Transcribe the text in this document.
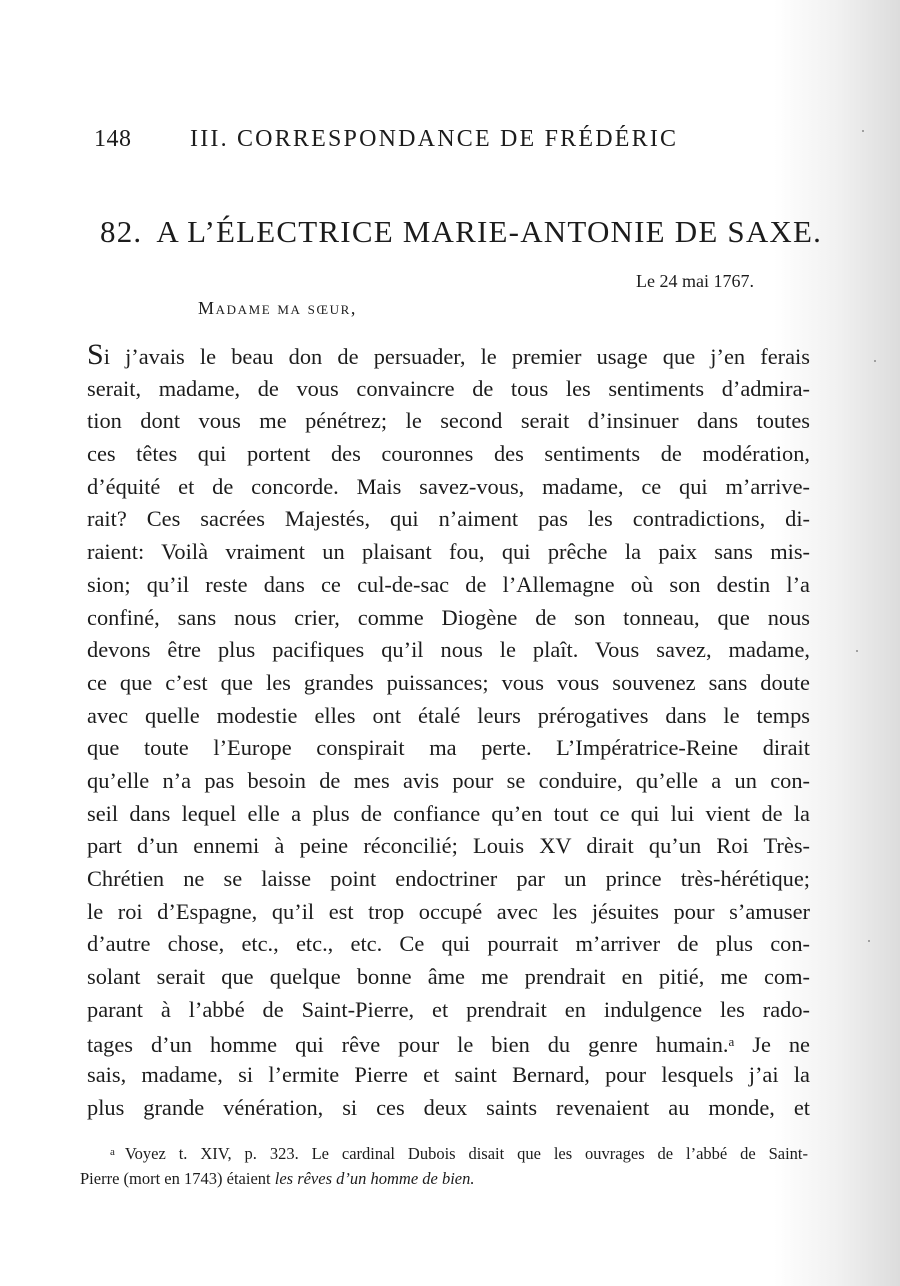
148 III. CORRESPONDANCE DE FRÉDÉRIC
82. A L’ÉLECTRICE MARIE-ANTONIE DE SAXE.
Le 24 mai 1767.
Madame ma sœur,
Si j’avais le beau don de persuader, le premier usage que j’en ferais
serait, madame, de vous convaincre de tous les sentiments d’admira-
tion dont vous me pénétrez; le second serait d’insinuer dans toutes
ces têtes qui portent des couronnes des sentiments de modération,
d’équité et de concorde. Mais savez-vous, madame, ce qui m’arrive-
rait? Ces sacrées Majestés, qui n’aiment pas les contradictions, di-
raient: Voilà vraiment un plaisant fou, qui prêche la paix sans mis-
sion; qu’il reste dans ce cul-de-sac de l’Allemagne où son destin l’a
confiné, sans nous crier, comme Diogène de son tonneau, que nous
devons être plus pacifiques qu’il nous le plaît. Vous savez, madame,
ce que c’est que les grandes puissances; vous vous souvenez sans doute
avec quelle modestie elles ont étalé leurs prérogatives dans le temps
que toute l’Europe conspirait ma perte. L’Impératrice-Reine dirait
qu’elle n’a pas besoin de mes avis pour se conduire, qu’elle a un con-
seil dans lequel elle a plus de confiance qu’en tout ce qui lui vient de la
part d’un ennemi à peine réconcilié; Louis XV dirait qu’un Roi Très-
Chrétien ne se laisse point endoctriner par un prince très-hérétique;
le roi d’Espagne, qu’il est trop occupé avec les jésuites pour s’amuser
d’autre chose, etc., etc., etc. Ce qui pourrait m’arriver de plus con-
solant serait que quelque bonne âme me prendrait en pitié, me com-
parant à l’abbé de Saint-Pierre, et prendrait en indulgence les rado-
tages d’un homme qui rêve pour le bien du genre humain.$^a$ Je ne
sais, madame, si l’ermite Pierre et saint Bernard, pour lesquels j’ai la
plus grande vénération, si ces deux saints revenaient au monde, et
$^a$ Voyez t. XIV, p. 323. Le cardinal Dubois disait que les ouvrages de l’abbé de Saint-
Pierre (mort en 1743) étaient les rêves d’un homme de bien.
